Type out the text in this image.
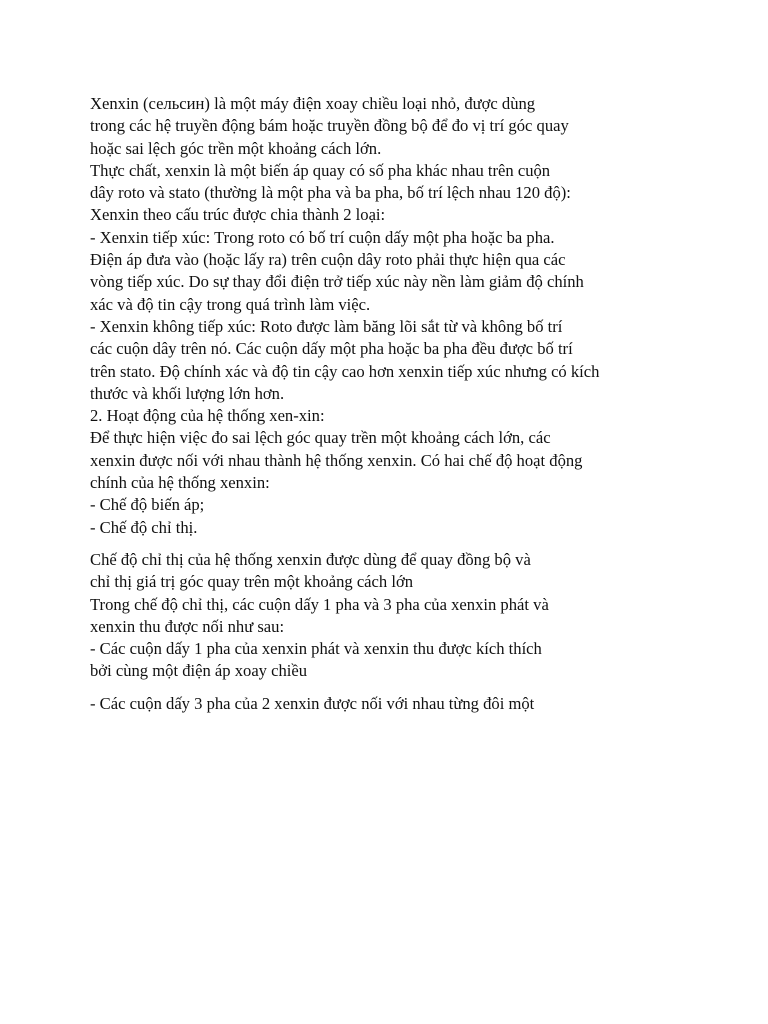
Xenxin (сельсин) là một máy điện xoay chiều loại nhỏ, được dùng
trong các hệ truyền động bám hoặc truyền đồng bộ để đo vị trí góc quay
hoặc sai lệch góc trền một khoảng cách lớn.
Thực chất, xenxin là một biến áp quay có số pha khác nhau trên cuộn
dây roto và stato (thường là một pha và ba pha, bố trí lệch nhau 120 độ):
Xenxin theo cấu trúc được chia thành 2 loại:
- Xenxin tiếp xúc: Trong roto có bố trí cuộn dấy một pha hoặc ba pha.
Điện áp đưa vào (hoặc lấy ra) trên cuộn dây roto phải thực hiện qua các
vòng tiếp xúc. Do sự thay đổi điện trở tiếp xúc này nền làm giảm độ chính
xác và độ tin cậy trong quá trình làm việc.
- Xenxin không tiếp xúc: Roto được làm băng lõi sắt từ và không bố trí
các cuộn dây trên nó. Các cuộn dấy một pha hoặc ba pha đều được bố trí
trên stato. Độ chính xác và độ tin cậy cao hơn xenxin tiếp xúc nhưng có kích
thước và khối lượng lớn hơn.
2. Hoạt động của hệ thống xen-xin:
Để thực hiện việc đo sai lệch góc quay trền một khoảng cách lớn, các
xenxin được nối với nhau thành hệ thống xenxin. Có hai chế độ hoạt động
chính của hệ thống xenxin:
- Chế độ biến áp;
- Chế độ chỉ thị.
Chế độ chỉ thị của hệ thống xenxin được dùng để quay đồng bộ và
chỉ thị giá trị góc quay trên một khoảng cách lớn
Trong chế độ chỉ thị, các cuộn dấy 1 pha và 3 pha của xenxin phát và
xenxin thu được nối như sau:
- Các cuộn dấy 1 pha của xenxin phát và xenxin thu được kích thích
bởi cùng một điện áp xoay chiều
- Các cuộn dấy 3 pha của 2 xenxin được nối với nhau từng đôi một
